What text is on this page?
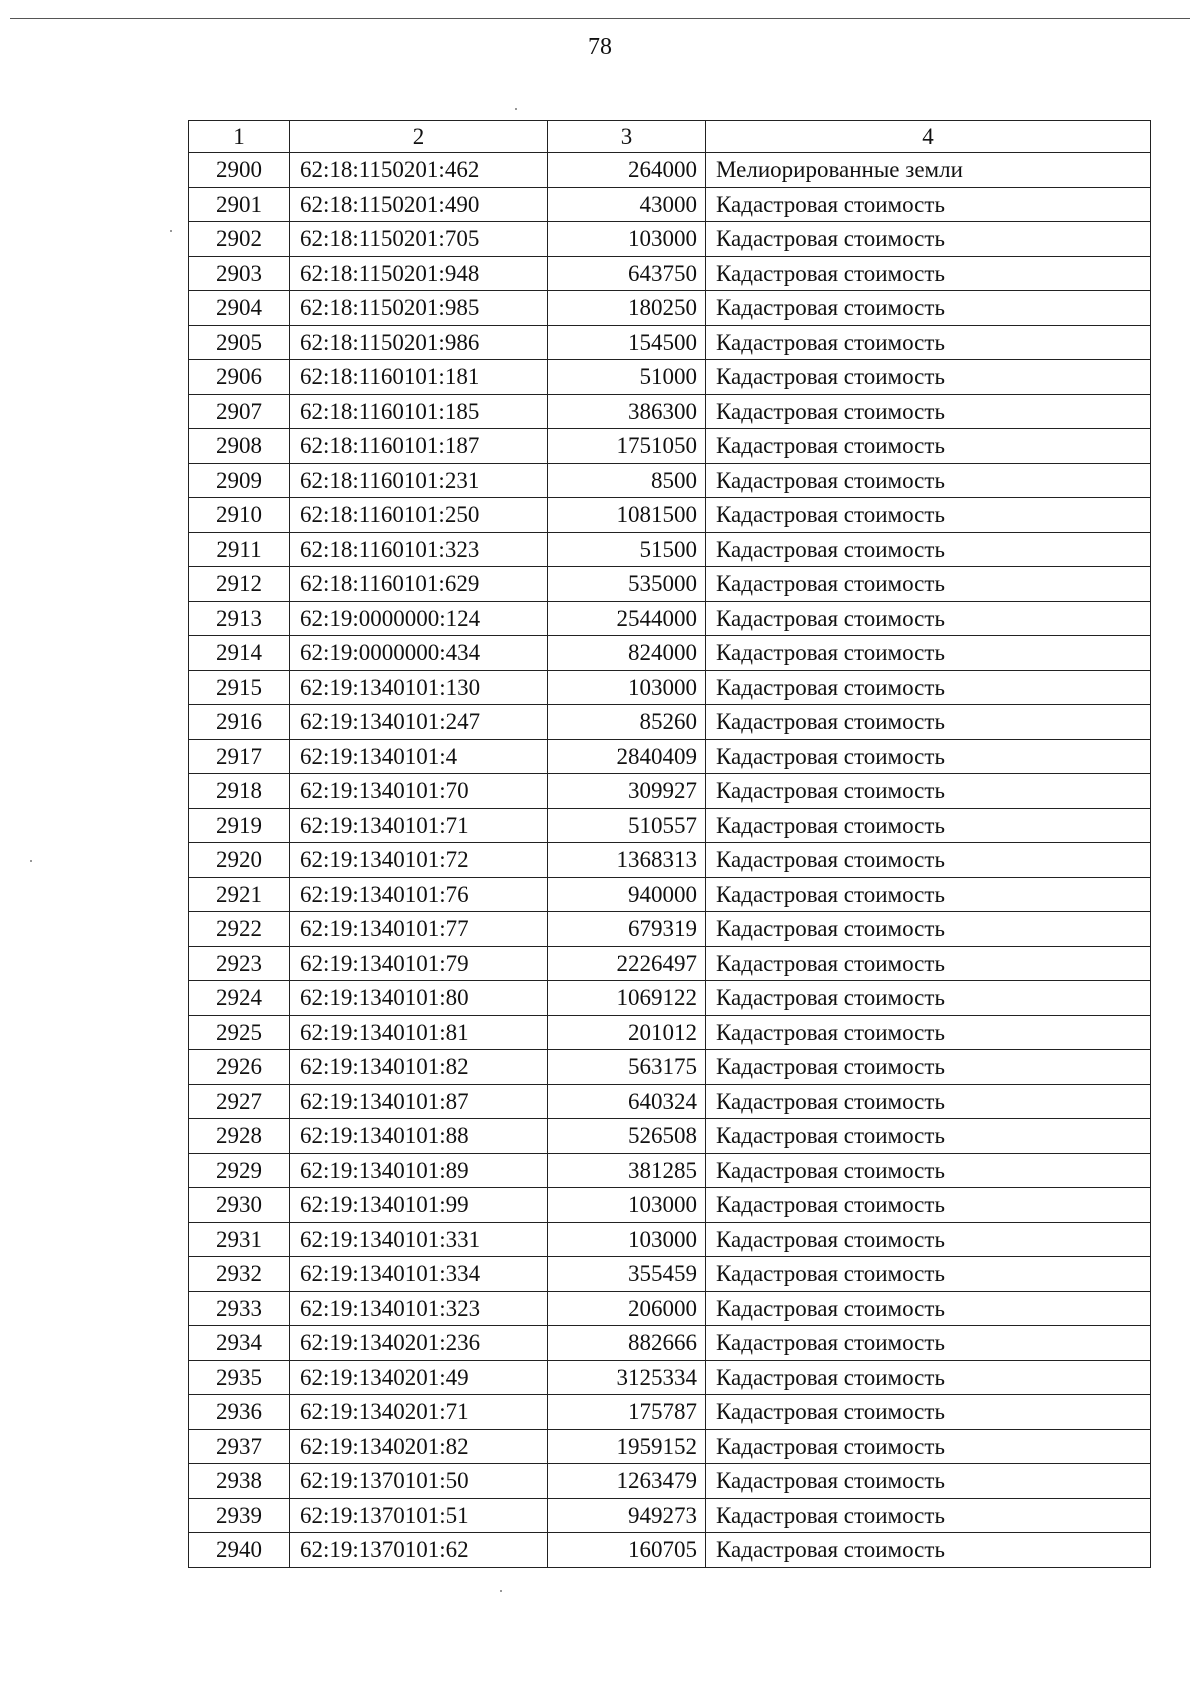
78
1	2	3	4
2900	62:18:1150201:462	264000	Мелиорированные земли
2901	62:18:1150201:490	43000	Кадастровая стоимость
2902	62:18:1150201:705	103000	Кадастровая стоимость
2903	62:18:1150201:948	643750	Кадастровая стоимость
2904	62:18:1150201:985	180250	Кадастровая стоимость
2905	62:18:1150201:986	154500	Кадастровая стоимость
2906	62:18:1160101:181	51000	Кадастровая стоимость
2907	62:18:1160101:185	386300	Кадастровая стоимость
2908	62:18:1160101:187	1751050	Кадастровая стоимость
2909	62:18:1160101:231	8500	Кадастровая стоимость
2910	62:18:1160101:250	1081500	Кадастровая стоимость
2911	62:18:1160101:323	51500	Кадастровая стоимость
2912	62:18:1160101:629	535000	Кадастровая стоимость
2913	62:19:0000000:124	2544000	Кадастровая стоимость
2914	62:19:0000000:434	824000	Кадастровая стоимость
2915	62:19:1340101:130	103000	Кадастровая стоимость
2916	62:19:1340101:247	85260	Кадастровая стоимость
2917	62:19:1340101:4	2840409	Кадастровая стоимость
2918	62:19:1340101:70	309927	Кадастровая стоимость
2919	62:19:1340101:71	510557	Кадастровая стоимость
2920	62:19:1340101:72	1368313	Кадастровая стоимость
2921	62:19:1340101:76	940000	Кадастровая стоимость
2922	62:19:1340101:77	679319	Кадастровая стоимость
2923	62:19:1340101:79	2226497	Кадастровая стоимость
2924	62:19:1340101:80	1069122	Кадастровая стоимость
2925	62:19:1340101:81	201012	Кадастровая стоимость
2926	62:19:1340101:82	563175	Кадастровая стоимость
2927	62:19:1340101:87	640324	Кадастровая стоимость
2928	62:19:1340101:88	526508	Кадастровая стоимость
2929	62:19:1340101:89	381285	Кадастровая стоимость
2930	62:19:1340101:99	103000	Кадастровая стоимость
2931	62:19:1340101:331	103000	Кадастровая стоимость
2932	62:19:1340101:334	355459	Кадастровая стоимость
2933	62:19:1340101:323	206000	Кадастровая стоимость
2934	62:19:1340201:236	882666	Кадастровая стоимость
2935	62:19:1340201:49	3125334	Кадастровая стоимость
2936	62:19:1340201:71	175787	Кадастровая стоимость
2937	62:19:1340201:82	1959152	Кадастровая стоимость
2938	62:19:1370101:50	1263479	Кадастровая стоимость
2939	62:19:1370101:51	949273	Кадастровая стоимость
2940	62:19:1370101:62	160705	Кадастровая стоимость
